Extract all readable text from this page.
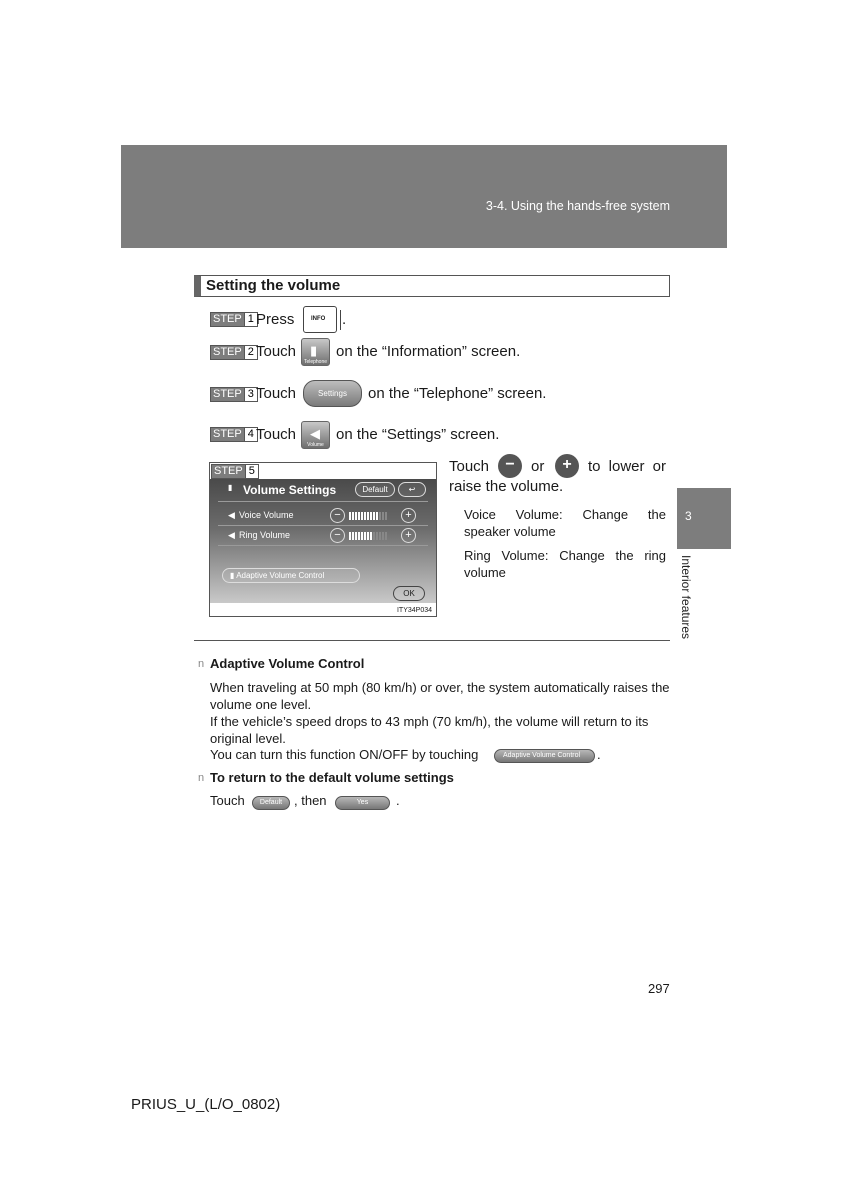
3-4. Using the hands-free system
3
Interior features
Setting the volume
STEP 1 Press	INFO .
STEP 2 Touch ▮
Telephone
on the “Information” screen.
STEP 3 Touch	Settings	on the “Telephone” screen.
STEP 4 Touch ◀
Volume
on the “Settings” screen.
STEP 5
▮ Volume Settings	Default	↩
◀ Voice Volume	−	+
◀ Ring Volume	−	+
▮ Adaptive Volume Control
OK
ITY34P034
Touch	−	or	+	to lower or
raise the volume.
Voice Volume: Change the speaker volume
Ring Volume: Change the ring volume
n Adaptive Volume Control
When traveling at 50 mph (80 km/h) or over, the system automatically raises the volume one level.
If the vehicle’s speed drops to 43 mph (70 km/h), the volume will return to its original level.
You can turn this function ON/OFF by touching	Adaptive Volume Control	.
n To return to the default volume settings
Touch	Default , then	Yes	.
297
PRIUS_U_(L/O_0802)
